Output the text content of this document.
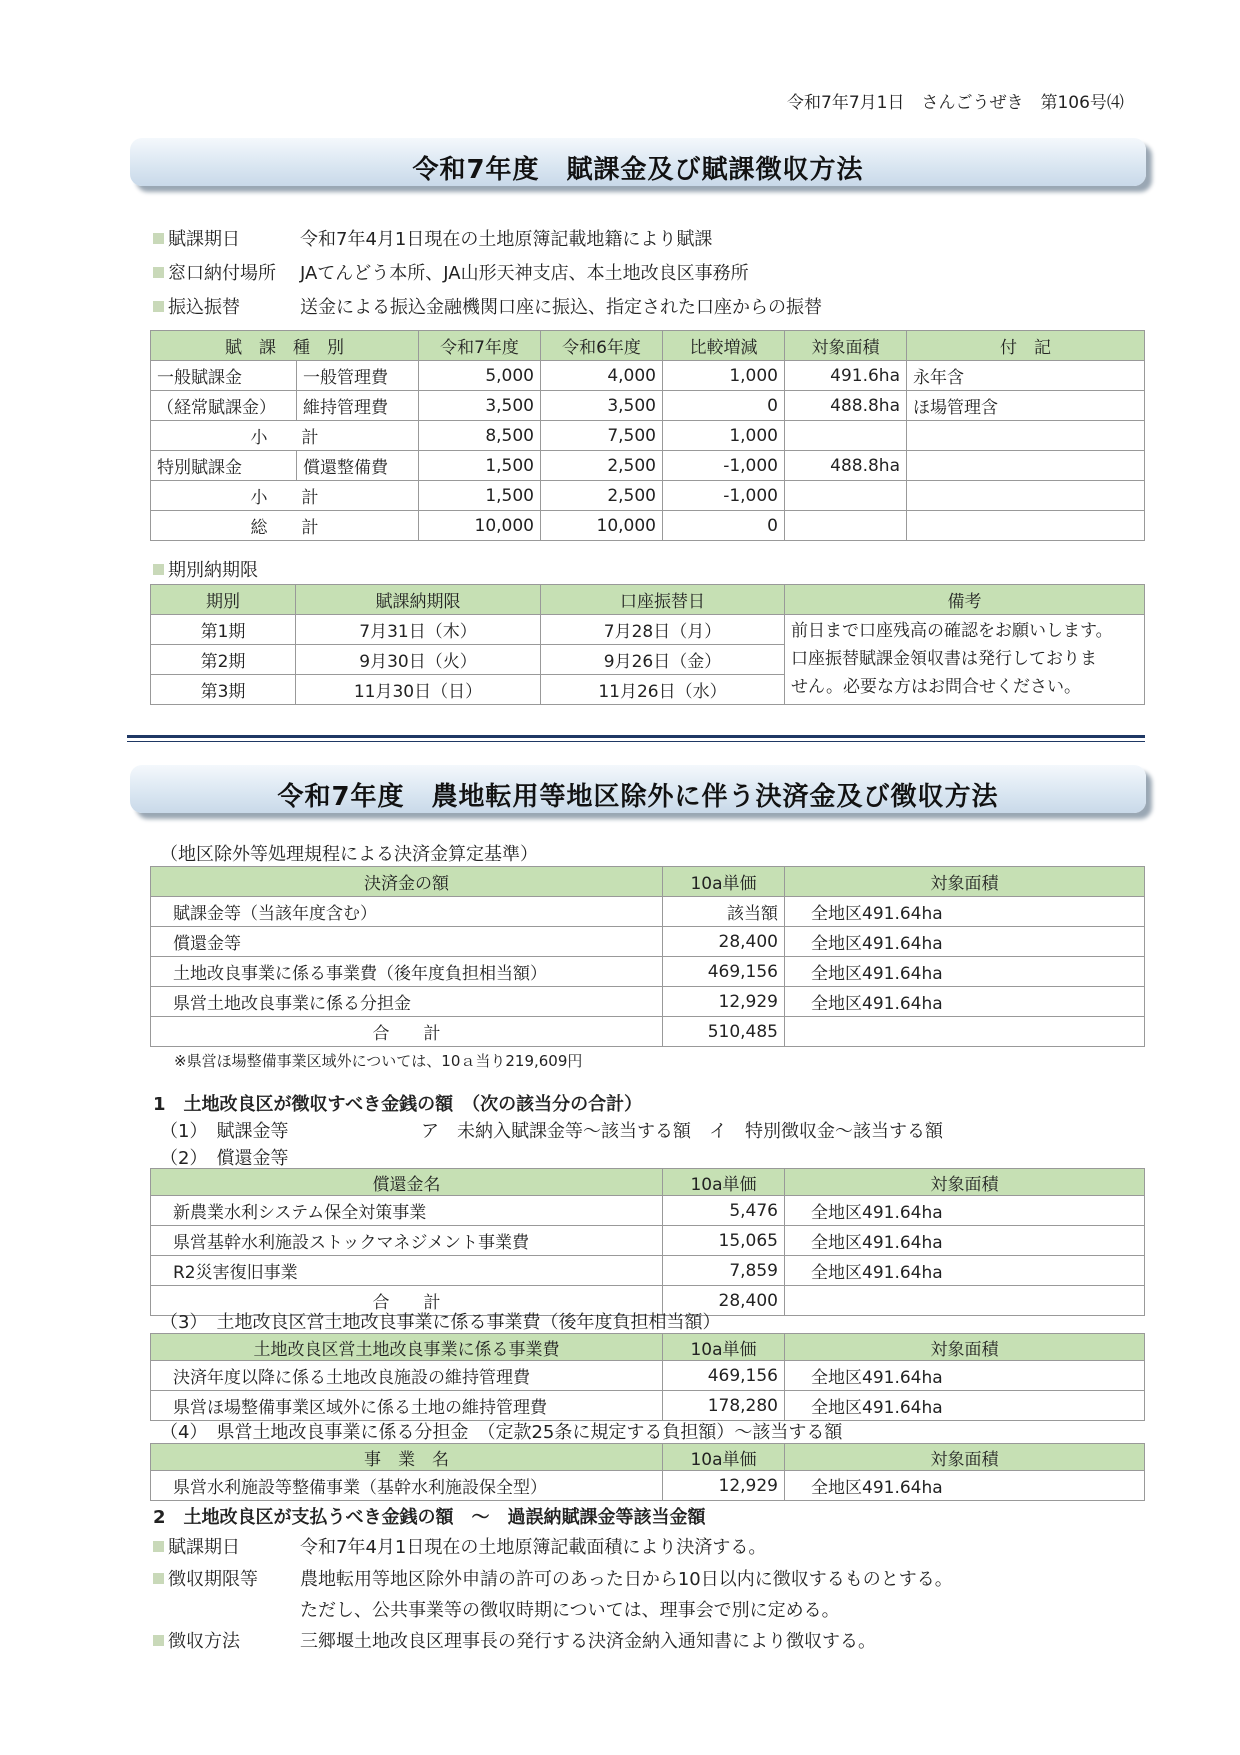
令和7年7月1日　さんごうぜき　第106号⑷
令和7年度　賦課金及び賦課徴収方法
賦課期日	令和7年4月1日現在の土地原簿記載地籍により賦課
窓口納付場所 JAてんどう本所、JA山形天神支店、本土地改良区事務所
振込振替	送金による振込金融機関口座に振込、指定された口座からの振替
賦　課　種　別		令和7年度	令和6年度	比較増減	対象面積	付　記
一般賦課金	一般管理費	5,000	4,000	1,000	491.6ha	永年含
（経常賦課金）	維持管理費	3,500	3,500	0	488.8ha	ほ場管理含
小　　計		8,500	7,500	1,000		
特別賦課金	償還整備費	1,500	2,500	-1,000	488.8ha	
小　　計		1,500	2,500	-1,000		
総　　計		10,000	10,000	0		
期別納期限
期別	賦課納期限	口座振替日	備考
第1期	7月31日（木）	7月28日（月）	前日まで口座残高の確認をお願いします。
口座振替賦課金領収書は発行しておりま
せん。必要な方はお問合せください。

第2期	9月30日（火）	9月26日（金）	
第3期	11月30日（日）	11月26日（水）	
令和7年度　農地転用等地区除外に伴う決済金及び徴収方法
（地区除外等処理規程による決済金算定基準）
決済金の額	10a単価	対象面積
賦課金等（当該年度含む）	該当額	全地区491.64ha
償還金等	28,400	全地区491.64ha
土地改良事業に係る事業費（後年度負担相当額）	469,156	全地区491.64ha
県営土地改良事業に係る分担金	12,929	全地区491.64ha
合　　計	510,485	
※県営ほ場整備事業区域外については、10ａ当り219,609円
1　土地改良区が徴収すべき金銭の額　（次の該当分の合計）
（1）　賦課金等	ア　未納入賦課金等～該当する額　イ　特別徴収金～該当する額
（2）　償還金等
償還金名	10a単価	対象面積
新農業水利システム保全対策事業	5,476	全地区491.64ha
県営基幹水利施設ストックマネジメント事業費	15,065	全地区491.64ha
R2災害復旧事業	7,859	全地区491.64ha
合　　計	28,400	
（3）　土地改良区営土地改良事業に係る事業費（後年度負担相当額）
土地改良区営土地改良事業に係る事業費	10a単価	対象面積
決済年度以降に係る土地改良施設の維持管理費	469,156	全地区491.64ha
県営ほ場整備事業区域外に係る土地の維持管理費	178,280	全地区491.64ha
（4）　県営土地改良事業に係る分担金　（定款25条に規定する負担額）～該当する額
事　業　名	10a単価	対象面積
県営水利施設等整備事業（基幹水利施設保全型）	12,929	全地区491.64ha
2　土地改良区が支払うべき金銭の額　～　過誤納賦課金等該当金額
賦課期日	令和7年4月1日現在の土地原簿記載面積により決済する。
徴収期限等 農地転用等地区除外申請の許可のあった日から10日以内に徴収するものとする。
ただし、公共事業等の徴収時期については、理事会で別に定める。
徴収方法	三郷堰土地改良区理事長の発行する決済金納入通知書により徴収する。
